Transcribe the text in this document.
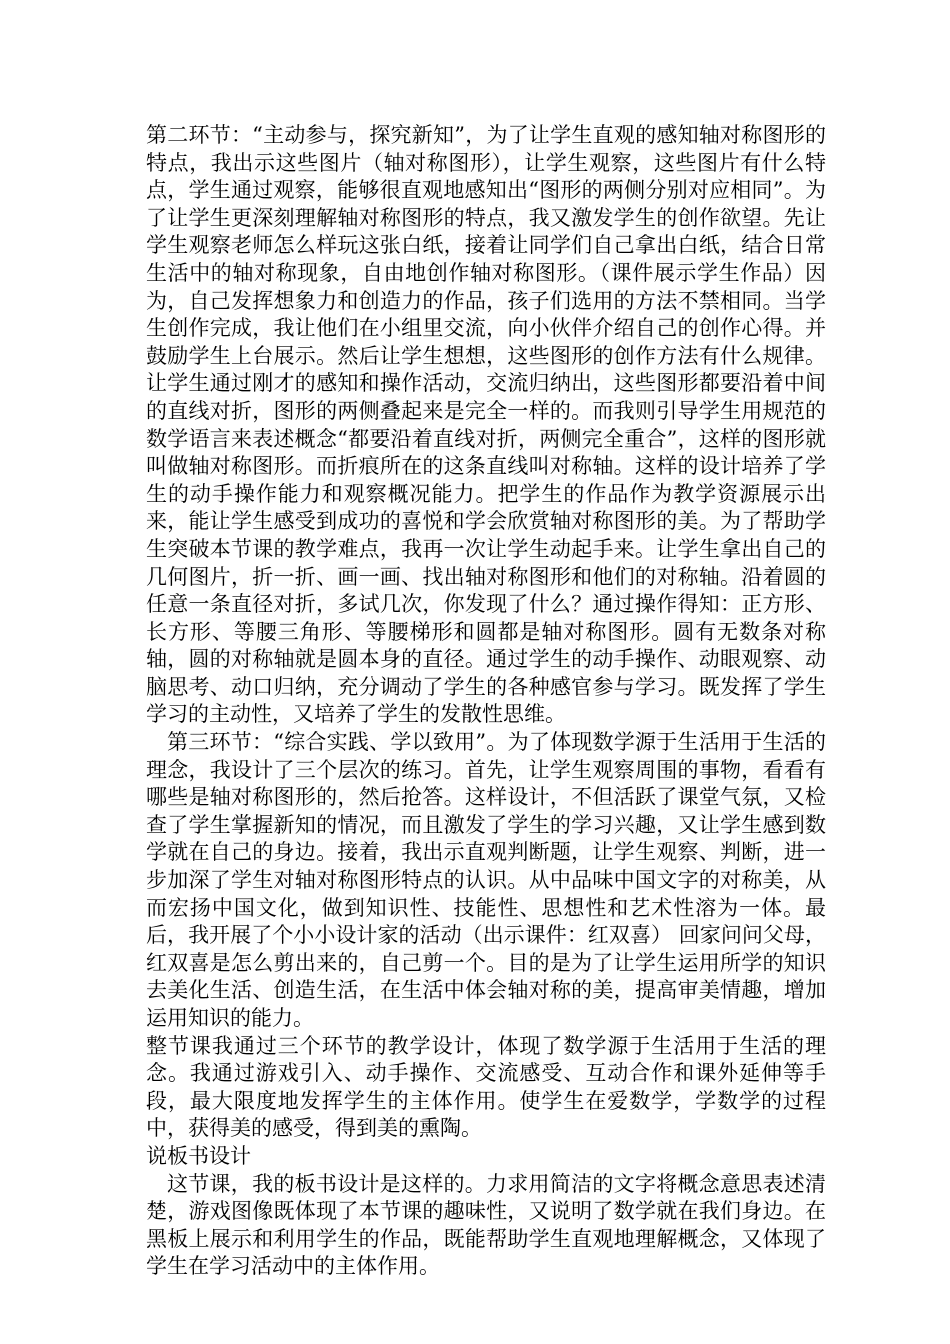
第二环节：“主动参与，探究新知”，为了让学生直观的感知轴对称图形的特点，我出示这些图片（轴对称图形），让学生观察，这些图片有什么特点，学生通过观察，能够很直观地感知出“图形的两侧分别对应相同”。为了让学生更深刻理解轴对称图形的特点，我又激发学生的创作欲望。先让学生观察老师怎么样玩这张白纸，接着让同学们自己拿出白纸，结合日常生活中的轴对称现象，自由地创作轴对称图形。（课件展示学生作品）因为，自己发挥想象力和创造力的作品，孩子们选用的方法不禁相同。当学生创作完成，我让他们在小组里交流，向小伙伴介绍自己的创作心得。并鼓励学生上台展示。然后让学生想想，这些图形的创作方法有什么规律。让学生通过刚才的感知和操作活动，交流归纳出，这些图形都要沿着中间的直线对折，图形的两侧叠起来是完全一样的。而我则引导学生用规范的数学语言来表述概念“都要沿着直线对折，两侧完全重合”，这样的图形就叫做轴对称图形。而折痕所在的这条直线叫对称轴。这样的设计培养了学生的动手操作能力和观察概况能力。把学生的作品作为教学资源展示出来，能让学生感受到成功的喜悦和学会欣赏轴对称图形的美。为了帮助学生突破本节课的教学难点，我再一次让学生动起手来。让学生拿出自己的几何图片，折一折、画一画、找出轴对称图形和他们的对称轴。沿着圆的任意一条直径对折，多试几次，你发现了什么？通过操作得知：正方形、长方形、等腰三角形、等腰梯形和圆都是轴对称图形。圆有无数条对称轴，圆的对称轴就是圆本身的直径。通过学生的动手操作、动眼观察、动脑思考、动口归纳，充分调动了学生的各种感官参与学习。既发挥了学生学习的主动性，又培养了学生的发散性思维。

第三环节：“综合实践、学以致用”。为了体现数学源于生活用于生活的理念，我设计了三个层次的练习。首先，让学生观察周围的事物，看看有哪些是轴对称图形的，然后抢答。这样设计，不但活跃了课堂气氛，又检查了学生掌握新知的情况，而且激发了学生的学习兴趣，又让学生感到数学就在自己的身边。接着，我出示直观判断题，让学生观察、判断，进一步加深了学生对轴对称图形特点的认识。从中品味中国文字的对称美，从而宏扬中国文化，做到知识性、技能性、思想性和艺术性溶为一体。最后，我开展了个小小设计家的活动（出示课件：红双喜） 回家问问父母，红双喜是怎么剪出来的，自己剪一个。目的是为了让学生运用所学的知识去美化生活、创造生活，在生活中体会轴对称的美，提高审美情趣，增加运用知识的能力。

整节课我通过三个环节的教学设计，体现了数学源于生活用于生活的理念。我通过游戏引入、动手操作、交流感受、互动合作和课外延伸等手段，最大限度地发挥学生的主体作用。使学生在爱数学，学数学的过程中，获得美的感受，得到美的熏陶。

说板书设计

这节课，我的板书设计是这样的。力求用简洁的文字将概念意思表述清楚，游戏图像既体现了本节课的趣味性，又说明了数学就在我们身边。在黑板上展示和利用学生的作品，既能帮助学生直观地理解概念，又体现了学生在学习活动中的主体作用。
